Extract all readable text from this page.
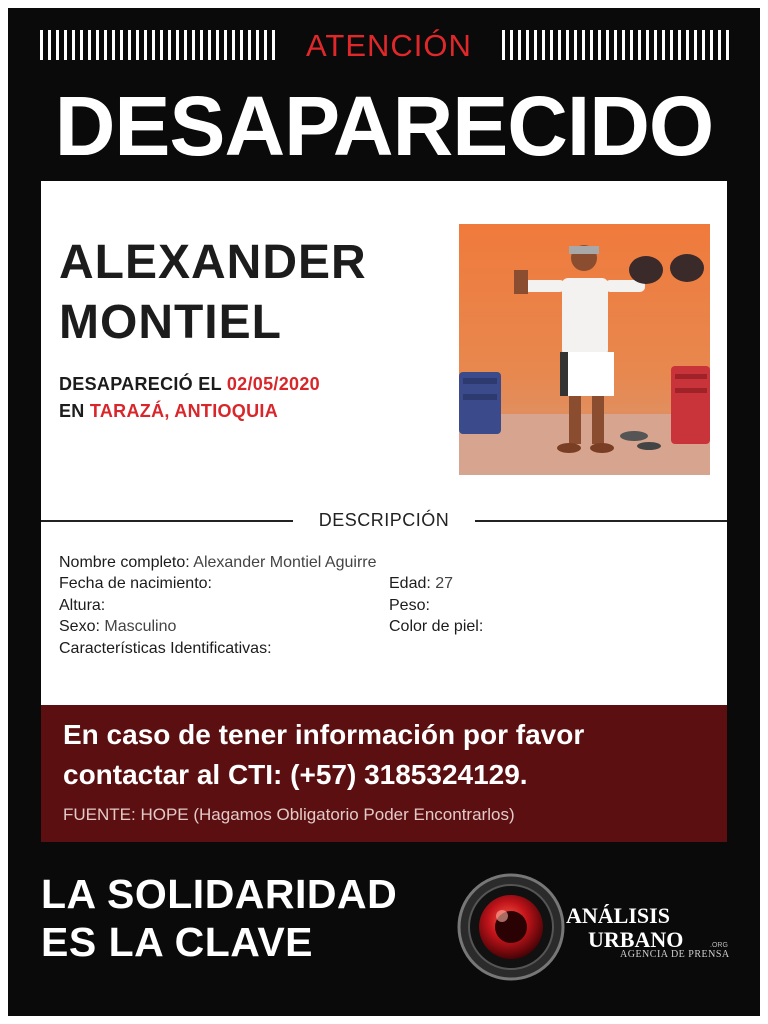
ATENCIÓN
DESAPARECIDO
ALEXANDER
MONTIEL
DESAPARECIÓ EL 02/05/2020
EN TARAZÁ, ANTIOQUIA
DESCRIPCIÓN
Nombre completo: Alexander Montiel Aguirre
Fecha de nacimiento:	Edad: 27
Altura:	Peso:
Sexo: Masculino	Color de piel:
Características Identificativas:
En caso de tener información por favor
contactar al CTI: (+57) 3185324129.
FUENTE: HOPE (Hagamos Obligatorio Poder Encontrarlos)
LA SOLIDARIDAD
ES LA CLAVE
ANÁLISIS
URBANO	.ORG
AGENCIA DE PRENSA
